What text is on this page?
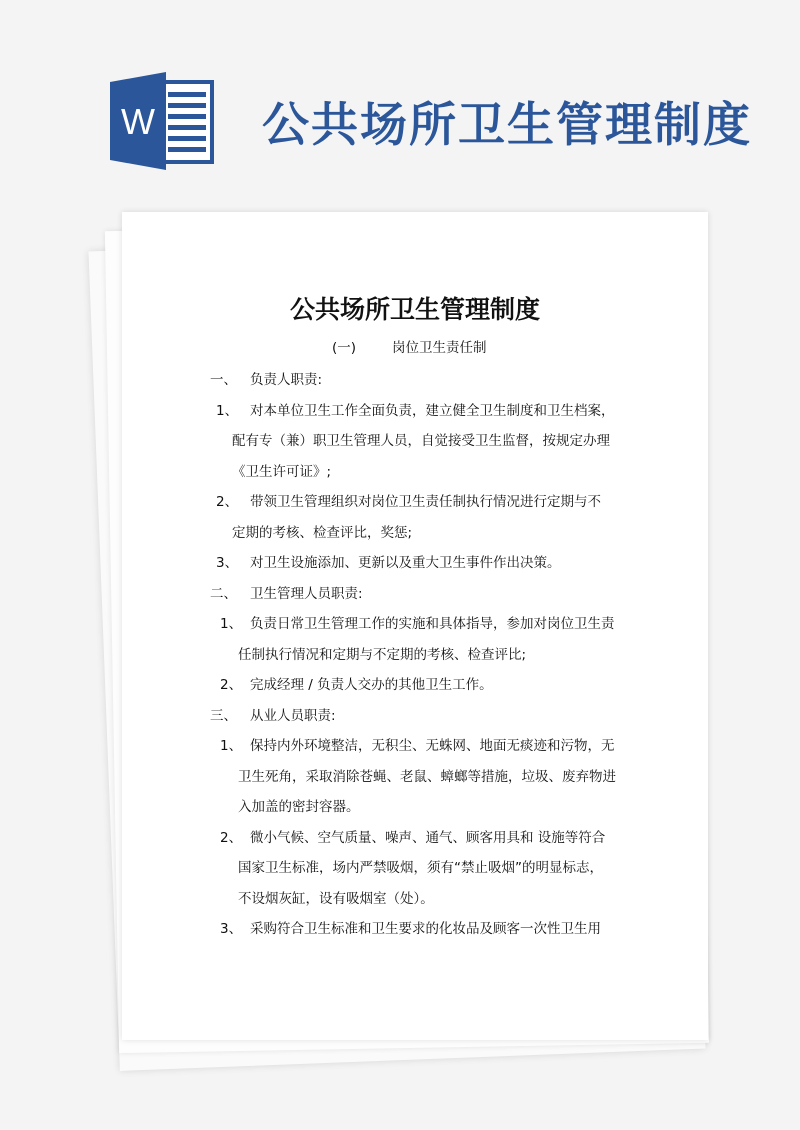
W 公共场所卫生管理制度
公共场所卫生管理制度
(一)	岗位卫生责任制
一、 负责人职责:
1、 对本单位卫生工作全面负责，建立健全卫生制度和卫生档案，
配有专（兼）职卫生管理人员，自觉接受卫生监督，按规定办理
《卫生许可证》;
2、 带领卫生管理组织对岗位卫生责任制执行情况进行定期与不
定期的考核、检查评比，奖惩;
3、 对卫生设施添加、更新以及重大卫生事件作出决策。
二、 卫生管理人员职责:
1、 负责日常卫生管理工作的实施和具体指导，参加对岗位卫生责
任制执行情况和定期与不定期的考核、检查评比;
2、 完成经理 / 负责人交办的其他卫生工作。
三、 从业人员职责:
1、 保持内外环境整洁，无积尘、无蛛网、地面无痰迹和污物，无
卫生死角，采取消除苍蝇、老鼠、蟑螂等措施，垃圾、废弃物进
入加盖的密封容器。
2、 微小气候、空气质量、噪声、通气、顾客用具和 设施等符合
国家卫生标准，场内严禁吸烟，须有“禁止吸烟”的明显标志，
不设烟灰缸，设有吸烟室（处）。
3、 采购符合卫生标准和卫生要求的化妆品及顾客一次性卫生用
